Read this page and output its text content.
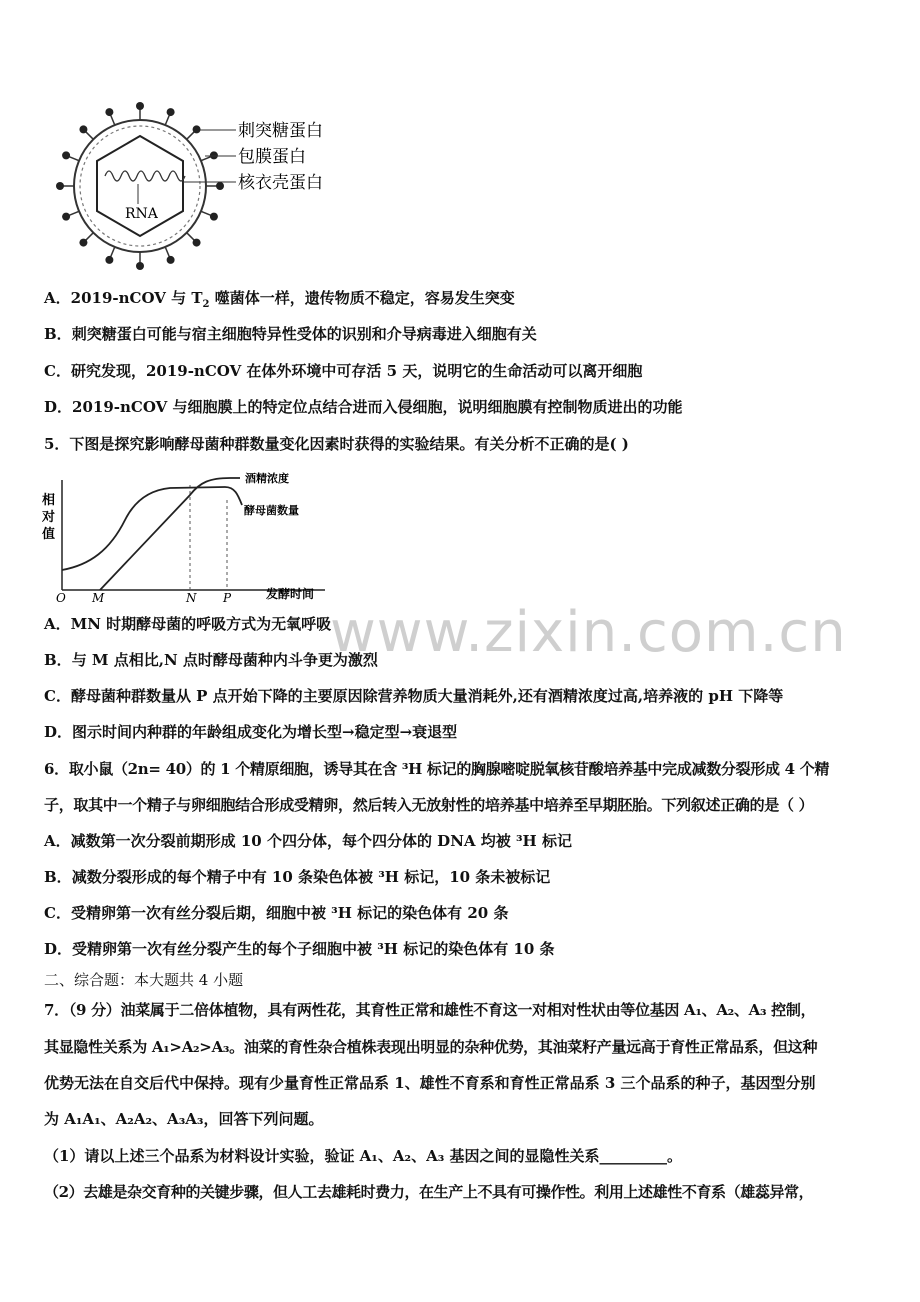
RNA
刺突糖蛋白
包膜蛋白
核衣壳蛋白
A．2019-nCOV 与 $T_2$ 噬菌体一样，遗传物质不稳定，容易发生突变
B．刺突糖蛋白可能与宿主细胞特异性受体的识别和介导病毒进入细胞有关
C．研究发现，2019-nCOV 在体外环境中可存活 5 天，说明它的生命活动可以离开细胞
D．2019-nCOV 与细胞膜上的特定位点结合进而入侵细胞，说明细胞膜有控制物质进出的功能
5．下图是探究影响酵母菌种群数量变化因素时获得的实验结果。有关分析不正确的是( )
相
对
值
发酵时间
O M	N P
酒精浓度
酵母菌数量
www.zixin.com.cn
A．MN 时期酵母菌的呼吸方式为无氧呼吸
B．与 M 点相比,N 点时酵母菌种内斗争更为激烈
C．酵母菌种群数量从 P 点开始下降的主要原因除营养物质大量消耗外,还有酒精浓度过高,培养液的 pH 下降等
D．图示时间内种群的年龄组成变化为增长型→稳定型→衰退型
6．取小鼠（2n= 40）的 1 个精原细胞，诱导其在含 ³H 标记的胸腺嘧啶脱氧核苷酸培养基中完成减数分裂形成 4 个精
子，取其中一个精子与卵细胞结合形成受精卵，然后转入无放射性的培养基中培养至早期胚胎。下列叙述正确的是（ ）
A．减数第一次分裂前期形成 10 个四分体，每个四分体的 DNA 均被 ³H 标记
B．减数分裂形成的每个精子中有 10 条染色体被 ³H 标记，10 条未被标记
C．受精卵第一次有丝分裂后期，细胞中被 ³H 标记的染色体有 20 条
D．受精卵第一次有丝分裂产生的每个子细胞中被 ³H 标记的染色体有 10 条
二、综合题：本大题共 4 小题
7．（9 分）油菜属于二倍体植物，具有两性花，其育性正常和雄性不育这一对相对性状由等位基因 A₁、A₂、A₃ 控制，
其显隐性关系为 A₁>A₂>A₃。油菜的育性杂合植株表现出明显的杂种优势，其油菜籽产量远高于育性正常品系，但这种
优势无法在自交后代中保持。现有少量育性正常品系 1、雄性不育系和育性正常品系 3 三个品系的种子，基因型分别
为 A₁A₁、A₂A₂、A₃A₃，回答下列问题。
（1）请以上述三个品系为材料设计实验，验证 A₁、A₂、A₃ 基因之间的显隐性关系_________。
（2）去雄是杂交育种的关键步骤，但人工去雄耗时费力，在生产上不具有可操作性。利用上述雄性不育系（雄蕊异常，
